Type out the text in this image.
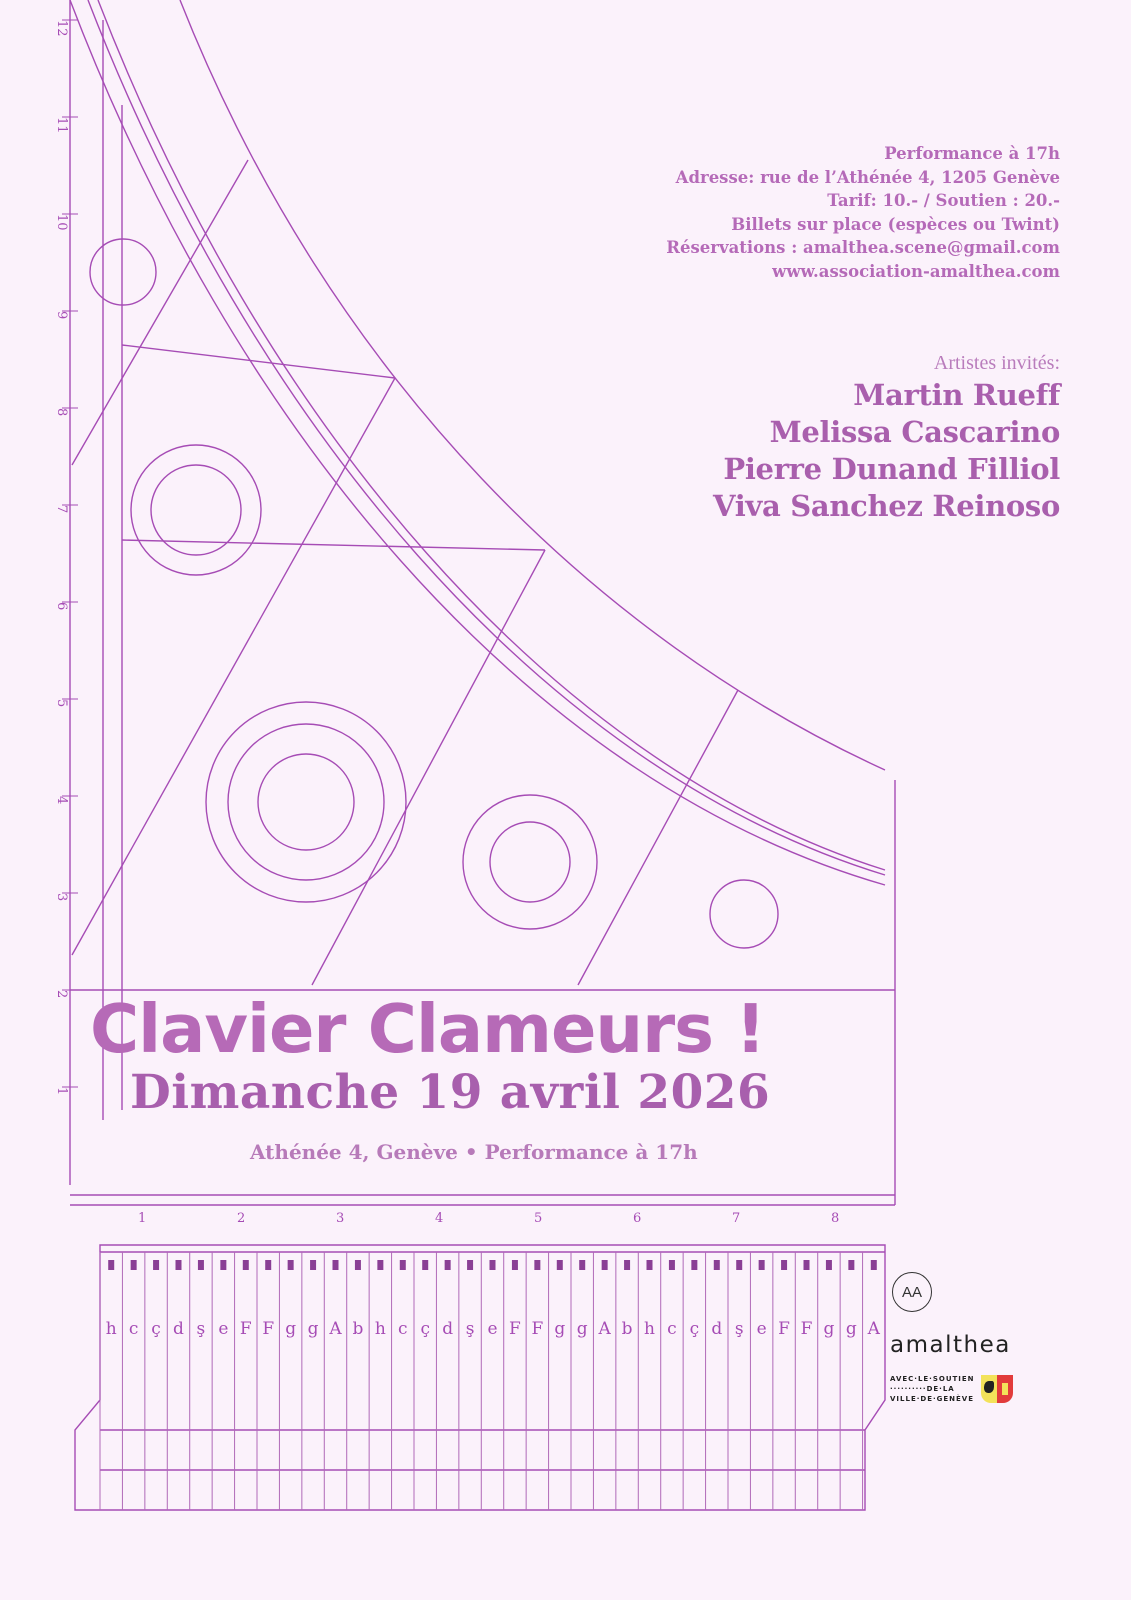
h c ç d ş e F F g g A b h c ç d ş e F F g g A b h c ç d ş e F F g g A
12
11
10
9
8
7
6
5
4
3
2
1
1	2	3	4	5	6	7	8
Performance à 17h
Adresse: rue de l’Athénée 4, 1205 Genève
Tarif: 10.- / Soutien : 20.-
Billets sur place (espèces ou Twint)
Réservations : amalthea.scene@gmail.com
www.association-amalthea.com
Artistes invités:
Martin Rueff
Melissa Cascarino
Pierre Dunand Filliol
Viva Sanchez Reinoso
Clavier Clameurs !
Dimanche 19 avril 2026
Athénée 4, Genève • Performance à 17h
AA
amalthea
AVEC·LE·SOUTIEN
··········DE·LA
VILLE·DE·GENÈVE
